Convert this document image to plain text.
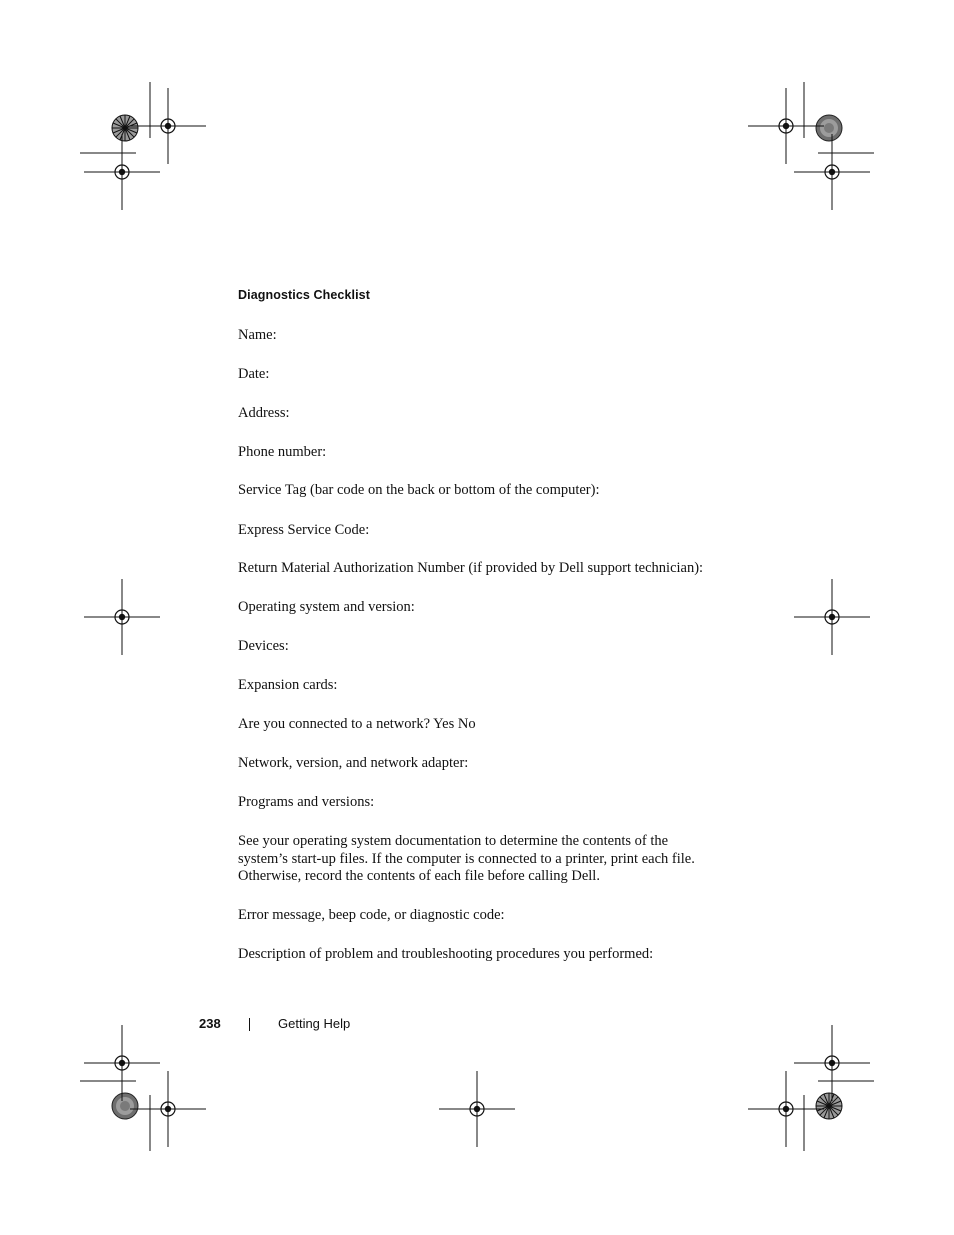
Diagnostics Checklist
Name:
Date:
Address:
Phone number:
Service Tag (bar code on the back or bottom of the computer):
Express Service Code:
Return Material Authorization Number (if provided by Dell support technician):
Operating system and version:
Devices:
Expansion cards:
Are you connected to a network? Yes No
Network, version, and network adapter:
Programs and versions:
See your operating system documentation to determine the contents of the
system’s start-up files. If the computer is connected to a printer, print each file.
Otherwise, record the contents of each file before calling Dell.
Error message, beep code, or diagnostic code:
Description of problem and troubleshooting procedures you performed:
238	Getting Help
